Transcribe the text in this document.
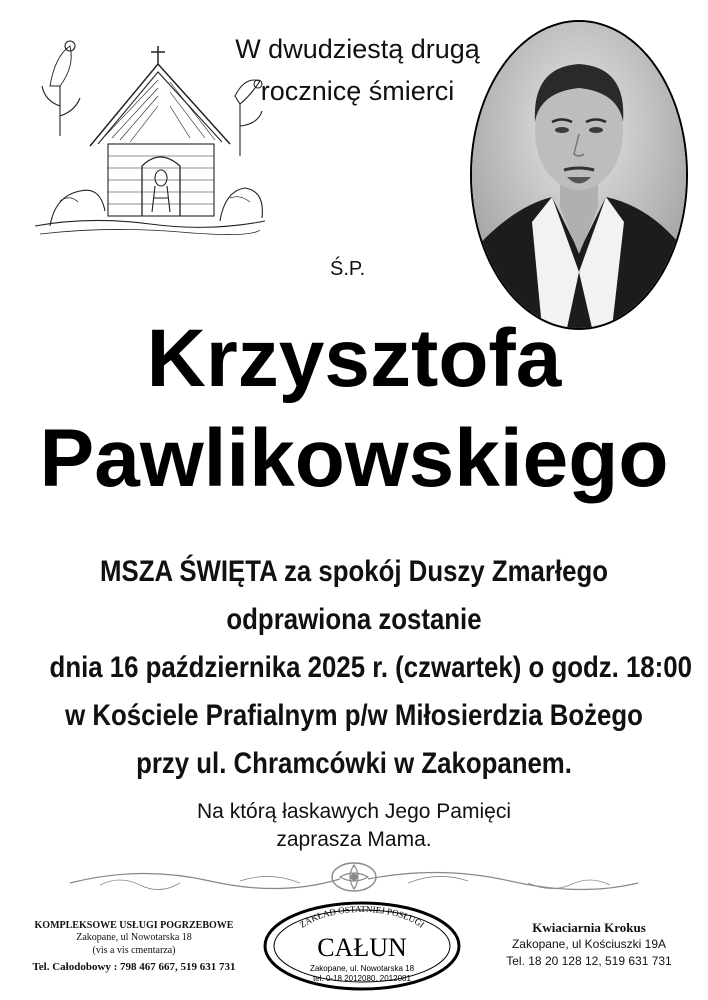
W dwudziestą drugą
rocznicę śmierci
Ś.P.
Krzysztofa
Pawlikowskiego
MSZA ŚWIĘTA za spokój Duszy Zmarłego
odprawiona zostanie
dnia 16 października 2025 r. (czwartek) o godz. 18:00
w Kościele Prafialnym p/w Miłosierdzia Bożego
przy ul. Chramcówki w Zakopanem.
Na którą łaskawych Jego Pamięci
zaprasza Mama.
KOMPLEKSOWE USŁUGI POGRZEBOWE
Zakopane, ul Nowotarska 18
(vis a vis cmentarza)
Tel. Całodobowy : 798 467 667, 519 631 731
ZAKŁAD OSTATNIEJ POSŁUGI
CAŁUN
Zakopane, ul. Nowotarska 18
tel. 0-18 2012080, 2012081
Kwiaciarnia Krokus
Zakopane, ul Kościuszki 19A
Tel. 18 20 128 12, 519 631 731
